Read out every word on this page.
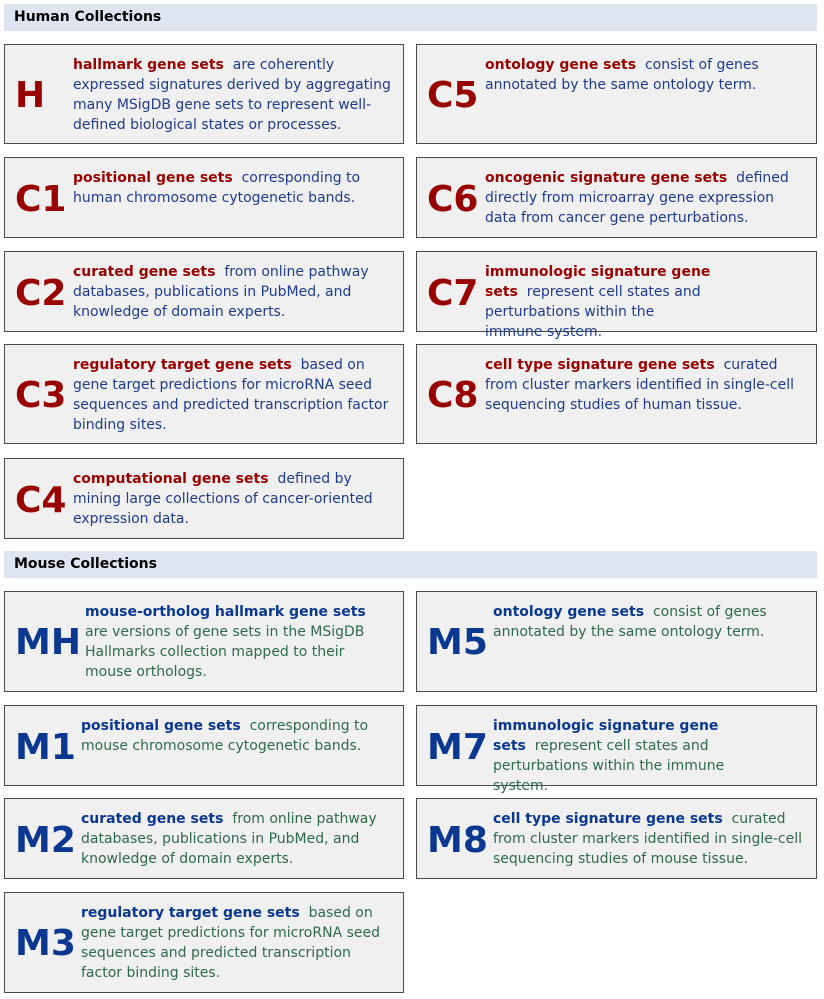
Human Collections
H
hallmark gene sets are coherently expressed signatures derived by aggregating many MSigDB gene sets to represent well-defined biological states or processes.
C5
ontology gene sets consist of genes annotated by the same ontology term.
C1
positional gene sets corresponding to human chromosome cytogenetic bands.	C6
oncogenic signature gene sets defined directly from microarray gene expression data from cancer gene perturbations.
C2
curated gene sets from online pathway databases, publications in PubMed, and knowledge of domain experts.	C7
immunologic signature gene sets represent cell states and perturbations within the immune system.
C3
regulatory target gene sets based on gene target predictions for microRNA seed sequences and predicted transcription factor binding sites.
C8
cell type signature gene sets curated from cluster markers identified in single-cell sequencing studies of human tissue.
C4
computational gene sets defined by mining large collections of cancer-oriented expression data.
Mouse Collections
MH
mouse-ortholog hallmark gene sets  are versions of gene sets in the MSigDB Hallmarks collection mapped to their mouse orthologs.
M5
ontology gene sets consist of genes annotated by the same ontology term.
M1
positional gene sets corresponding to mouse chromosome cytogenetic bands.	M7
immunologic signature gene sets represent cell states and perturbations within the immune system.
M2
curated gene sets from online pathway databases, publications in PubMed, and knowledge of domain experts.	M8
cell type signature gene sets curated from cluster markers identified in single-cell sequencing studies of mouse tissue.
M3
regulatory target gene sets based on gene target predictions for microRNA seed sequences and predicted transcription factor binding sites.
